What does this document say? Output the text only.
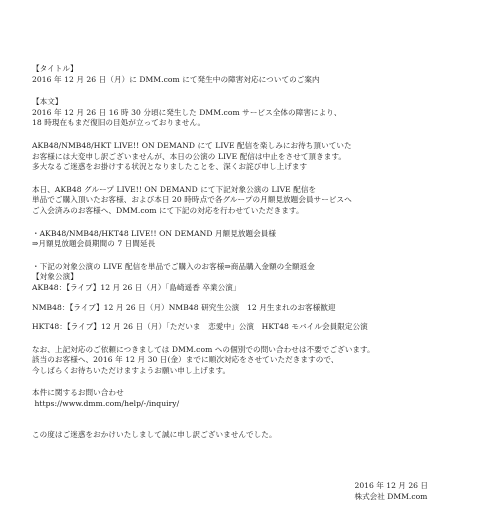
【タイトル】
2016 年 12 月 26 日（月）に DMM.com にて発生中の障害対応についてのご案内
【本文】
2016 年 12 月 26 日 16 時 30 分頃に発生した DMM.com サービス全体の障害により、
18 時現在もまだ復旧の目処が立っておりません。
AKB48/NMB48/HKT LIVE!! ON DEMAND にて LIVE 配信を楽しみにお待ち頂いていた
お客様には大変申し訳ございませんが、本日の公演の LIVE 配信は中止をさせて頂きます。
多大なるご迷惑をお掛けする状況となりましたことを、深くお詫び申し上げます
本日、AKB48 グループ LIVE!! ON DEMAND にて下記対象公演の LIVE 配信を
単品でご購入頂いたお客様、および本日 20 時時点で各グループの月額見放題会員サービスへ
ご入会済みのお客様へ、DMM.com にて下記の対応を行わせていただきます。
・AKB48/NMB48/HKT48 LIVE!! ON DEMAND 月額見放題会員様
⇒月額見放題会員期間の 7 日間延長
・下記の対象公演の LIVE 配信を単品でご購入のお客様⇒商品購入金額の全額返金
【対象公演】
AKB48：【ライブ】12 月 26 日（月）「島崎遥香 卒業公演」
NMB48：【ライブ】12 月 26 日（月）NMB48 研究生公演　12 月生まれのお客様歓迎
HKT48：【ライブ】12 月 26 日（月）「ただいま　恋愛中」公演　HKT48 モバイル会員限定公演
なお、上記対応のご依頼につきましては DMM.com への個別での問い合わせは不要でございます。
該当のお客様へ、2016 年 12 月 30 日(金）までに順次対応をさせていただきますので、
今しばらくお待ちいただけますようお願い申し上げます。
本件に関するお問い合わせ
https://www.dmm.com/help/-/inquiry/
この度はご迷惑をおかけいたしまして誠に申し訳ございませんでした。
2016 年 12 月 26 日
株式会社 DMM.com
